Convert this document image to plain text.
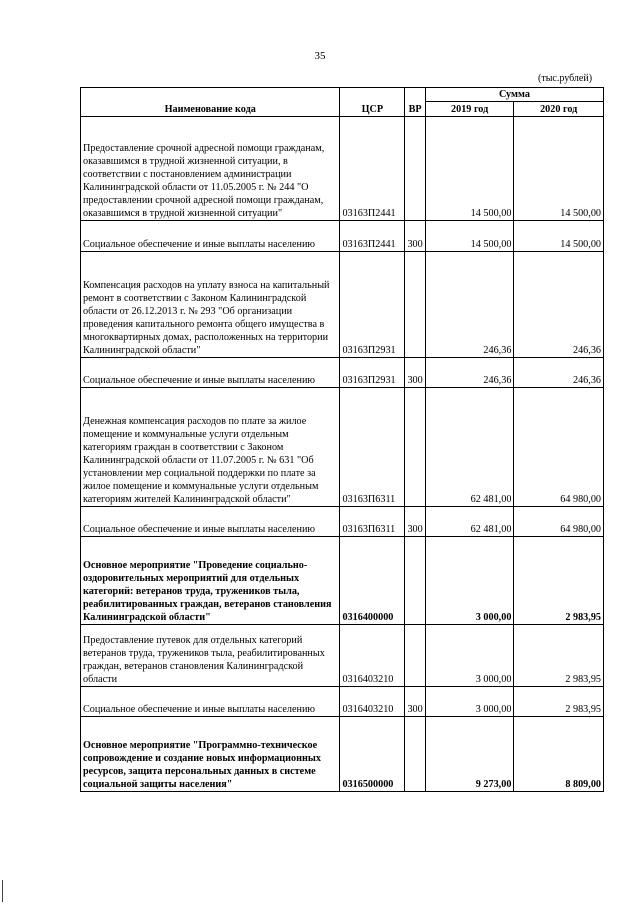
35
(тыс.рублей)
Наименование кода	ЦСР	ВР	Сумма	
			2019 год	2020 год
Предоставление срочной адресной помощи гражданам, оказавшимся в трудной жизненной ситуации, в соответствии с постановлением администрации Калининградской области от 11.05.2005 г. № 244 "О предоставлении срочной адресной помощи гражданам, оказавшимся в трудной жизненной ситуации"	03163П2441		14 500,00	14 500,00
Социальное обеспечение и иные выплаты населению	03163П2441	300	14 500,00	14 500,00
Компенсация расходов на уплату взноса на капитальный ремонт в соответствии с Законом Калининградской области от 26.12.2013 г. № 293 "Об организации проведения капитального ремонта общего имущества в многоквартирных домах, расположенных на территории Калининградской области"	03163П2931		246,36	246,36
Социальное обеспечение и иные выплаты населению	03163П2931	300	246,36	246,36
Денежная компенсация расходов по плате за жилое помещение и коммунальные услуги отдельным категориям граждан в соответствии с Законом Калининградской области от 11.07.2005 г. № 631 "Об установлении мер социальной поддержки по плате за жилое помещение и коммунальные услуги отдельным категориям жителей Калининградской области"	03163П6311		62 481,00	64 980,00
Социальное обеспечение и иные выплаты населению	03163П6311	300	62 481,00	64 980,00
Основное мероприятие "Проведение социально-оздоровительных мероприятий для отдельных категорий: ветеранов труда, тружеников тыла, реабилитированных граждан, ветеранов становления Калининградской области"	0316400000		3 000,00	2 983,95
Предоставление путевок для отдельных категорий ветеранов труда, тружеников тыла, реабилитированных граждан, ветеранов становления Калининградской области	0316403210		3 000,00	2 983,95
Социальное обеспечение и иные выплаты населению	0316403210	300	3 000,00	2 983,95
Основное мероприятие "Программно-техническое сопровождение и создание новых информационных ресурсов, защита персональных данных в системе социальной защиты населения"	0316500000		9 273,00	8 809,00
